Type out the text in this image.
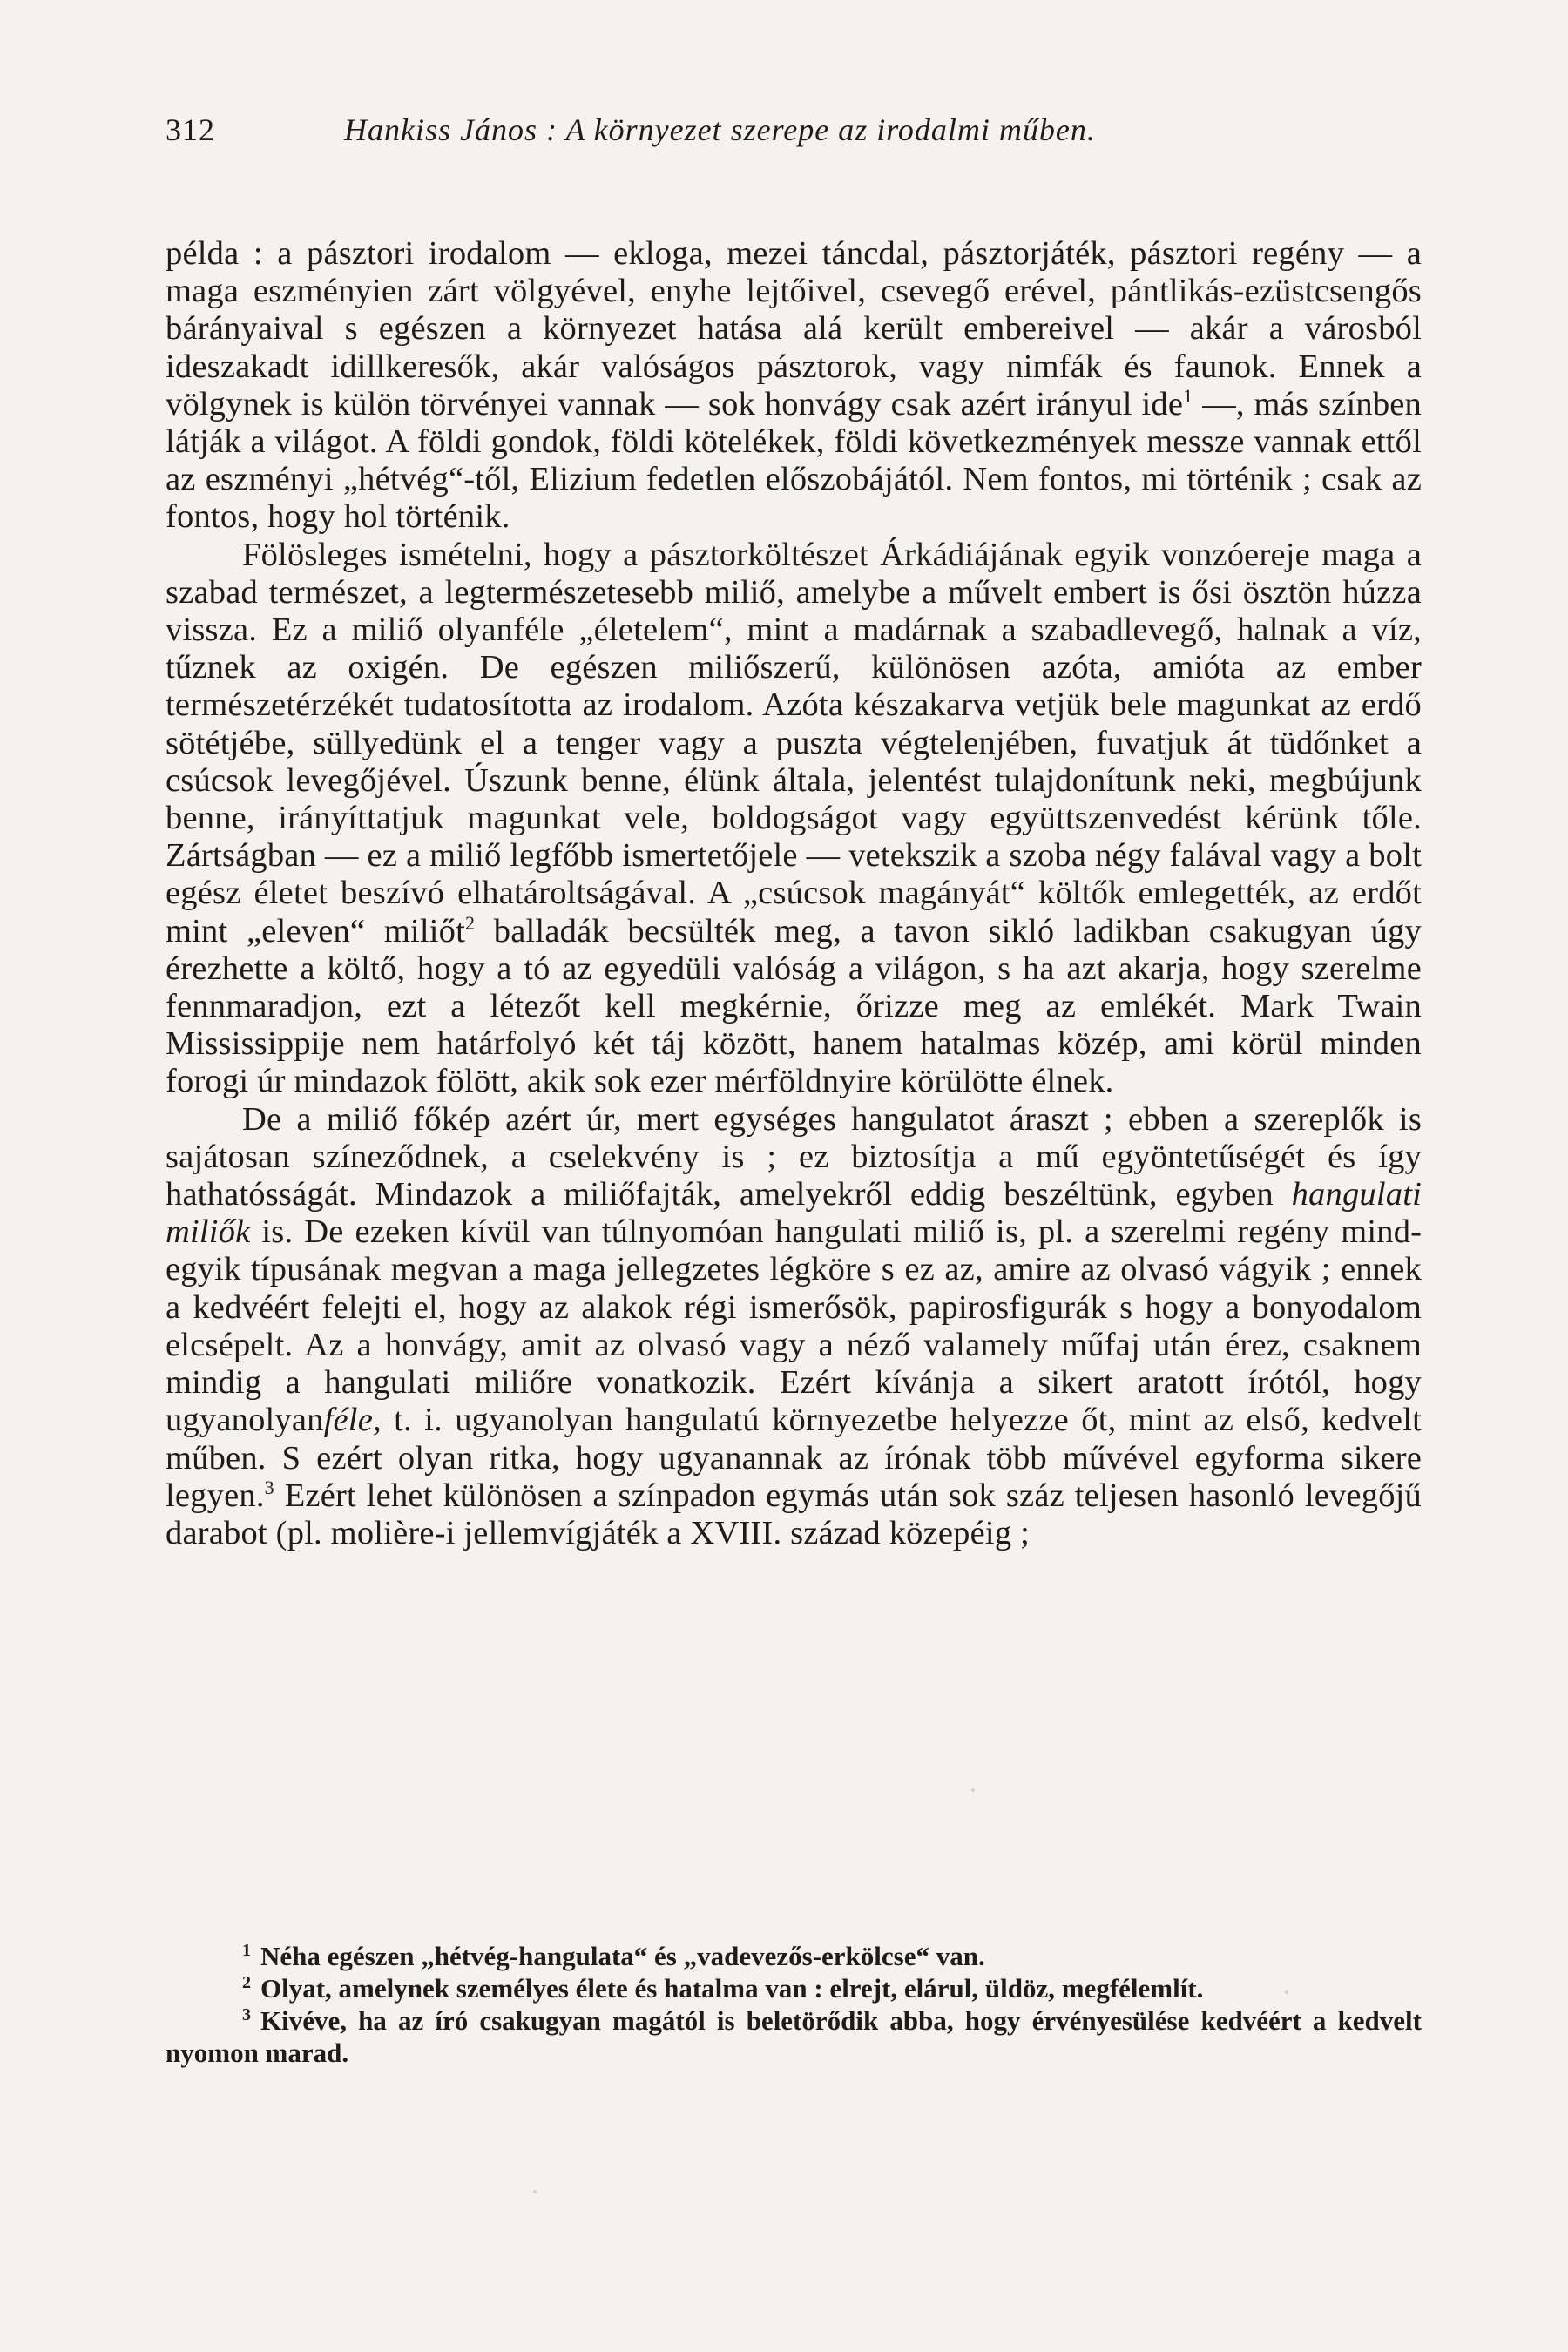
312	Hankiss János : A környezet szerepe az irodalmi műben.

példa : a pásztori irodalom — ekloga, mezei táncdal, pásztorjáték, pásztori regény — a maga eszményien zárt völgyével, enyhe lejtőivel, csevegő erével, pántlikás-ezüstcsengős bárányaival s egészen a környezet hatása alá került embereivel — akár a városból ideszakadt idillkeresők, akár valóságos pásztorok, vagy nimfák és faunok. Ennek a völgynek is külön törvényei vannak — sok honvágy csak azért irányul ide$^1$ —, más színben látják a világot. A földi gondok, földi kötelékek, földi következmények messze vannak ettől az eszményi „hétvég“-től, Elizium fedetlen előszobájától. Nem fontos, mi történik ; csak az fontos, hogy hol történik.

Fölösleges ismételni, hogy a pásztorköltészet Árkádiájának egyik vonzóereje maga a szabad természet, a legtermészetesebb miliő, amelybe a művelt embert is ősi ösztön húzza vissza. Ez a miliő olyanféle „életelem“, mint a madárnak a szabadlevegő, halnak a víz, tűznek az oxigén. De egészen miliőszerű, különösen azóta, amióta az ember természetérzékét tudatosította az irodalom. Azóta készakarva vetjük bele magunkat az erdő sötétjébe, süllyedünk el a tenger vagy a puszta végtelenjében, fuvatjuk át tüdőnket a csúcsok levegőjével. Úszunk benne, élünk általa, jelentést tulajdonítunk neki, megbújunk benne, irányíttatjuk magunkat vele, boldogságot vagy együttszenvedést kérünk tőle. Zártságban — ez a miliő legfőbb ismertetőjele — vetekszik a szoba négy falával vagy a bolt egész életet beszívó elhatároltságával. A „csúcsok magányát“ költők emlegették, az erdőt mint „eleven“ miliőt$^2$ balladák becsülték meg, a tavon sikló ladikban csakugyan úgy érezhette a költő, hogy a tó az egyedüli valóság a világon, s ha azt akarja, hogy szerelme fennmaradjon, ezt a létezőt kell megkérnie, őrizze meg az emlékét. Mark Twain Mississippije nem határfolyó két táj között, hanem hatalmas közép, ami körül minden forogi úr mindazok fölött, akik sok ezer mérföldnyire körülötte élnek.

De a miliő főkép azért úr, mert egységes hangulatot áraszt ; ebben a szereplők is sajátosan színeződnek, a cselekvény is ; ez biztosítja a mű egyöntetűségét és így hathatósságát. Mindazok a miliőfajták, amelyekről eddig beszéltünk, egyben hangulati miliők is. De ezeken kívül van túlnyomóan hangulati miliő is, pl. a szerelmi regény mindegyik típusának megvan a maga jellegzetes légköre s ez az, amire az olvasó vágyik ; ennek a kedvéért felejti el, hogy az alakok régi ismerősök, papirosfigurák s hogy a bonyodalom elcsépelt. Az a honvágy, amit az olvasó vagy a néző valamely műfaj után érez, csaknem mindig a hangulati miliőre vonatkozik. Ezért kívánja a sikert aratott írótól, hogy ugyanolyanféle, t. i. ugyanolyan hangulatú környezetbe helyezze őt, mint az első, kedvelt műben. S ezért olyan ritka, hogy ugyanannak az írónak több művével egyforma sikere legyen.$^3$ Ezért lehet különösen a színpadon egymás után sok száz teljesen hasonló levegőjű darabot (pl. molière-i jellemvígjáték a XVIII. század közepéig ;

$^1$ Néha egészen „hétvég-hangulata“ és „vadevezős-erkölcse“ van.

$^2$ Olyat, amelynek személyes élete és hatalma van : elrejt, elárul, üldöz, megfélemlít.

$^3$ Kivéve, ha az író csakugyan magától is beletörődik abba, hogy érvényesülése kedvéért a kedvelt nyomon marad.
